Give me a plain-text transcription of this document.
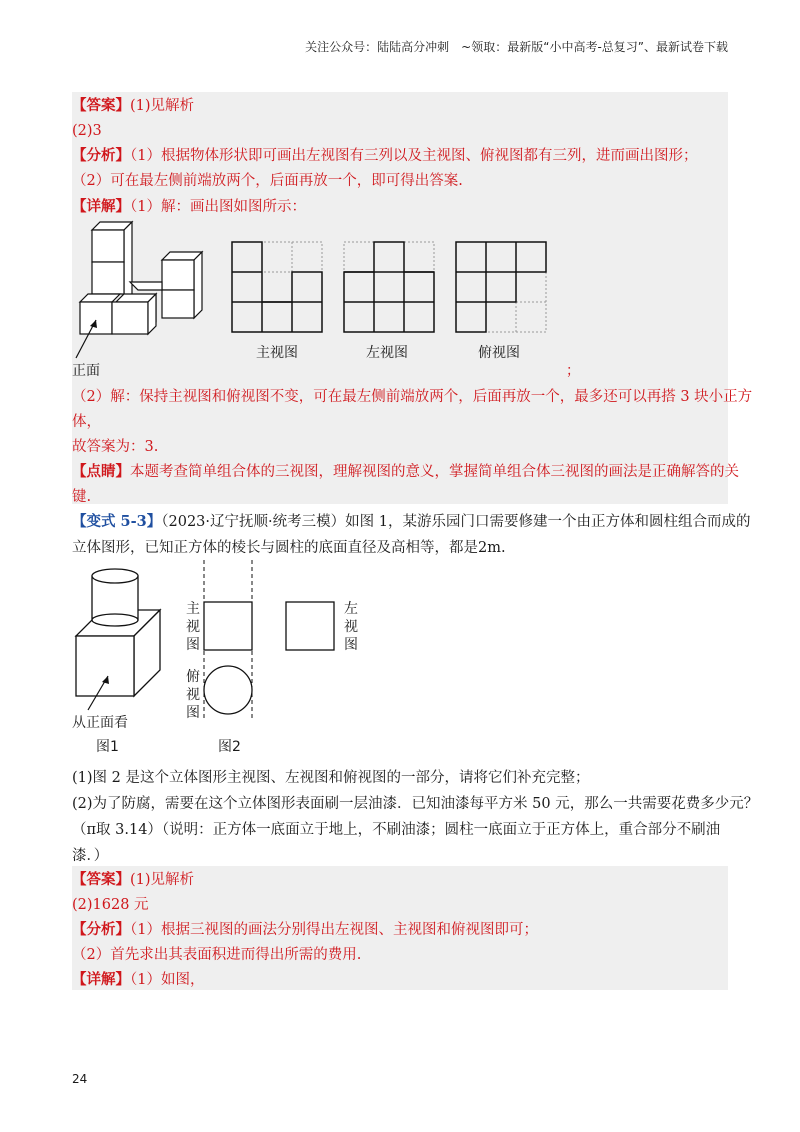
关注公众号：陆陆高分冲刺　~领取：最新版“小中高考-总复习”、最新试卷下载
【答案】(1)见解析
(2)3
【分析】（1）根据物体形状即可画出左视图有三列以及主视图、俯视图都有三列，进而画出图形；
（2）可在最左侧前端放两个，后面再放一个，即可得出答案.
【详解】（1）解：画出图如图所示：
正面
主视图	左视图	俯视图
；
（2）解：保持主视图和俯视图不变，可在最左侧前端放两个，后面再放一个，最多还可以再搭 3 块小正方
体，
故答案为：3.
【点睛】本题考查简单组合体的三视图，理解视图的意义，掌握简单组合体三视图的画法是正确解答的关
键.
【变式 5-3】（2023·辽宁抚顺·统考三模）如图 1，某游乐园门口需要修建一个由正方体和圆柱组合而成的
立体图形，已知正方体的棱长与圆柱的底面直径及高相等，都是2m.
主
视
图
左
视
图
俯
视
图
从正面看
图1	图2
(1)图 2 是这个立体图形主视图、左视图和俯视图的一部分，请将它们补充完整；
(2)为了防腐，需要在这个立体图形表面刷一层油漆．已知油漆每平方米 50 元，那么一共需要花费多少元？
（π取 3.14）（说明：正方体一底面立于地上，不刷油漆；圆柱一底面立于正方体上，重合部分不刷油
漆．）
【答案】(1)见解析
(2)1628 元
【分析】（1）根据三视图的画法分别得出左视图、主视图和俯视图即可；
（2）首先求出其表面积进而得出所需的费用.
【详解】（1）如图，
24
